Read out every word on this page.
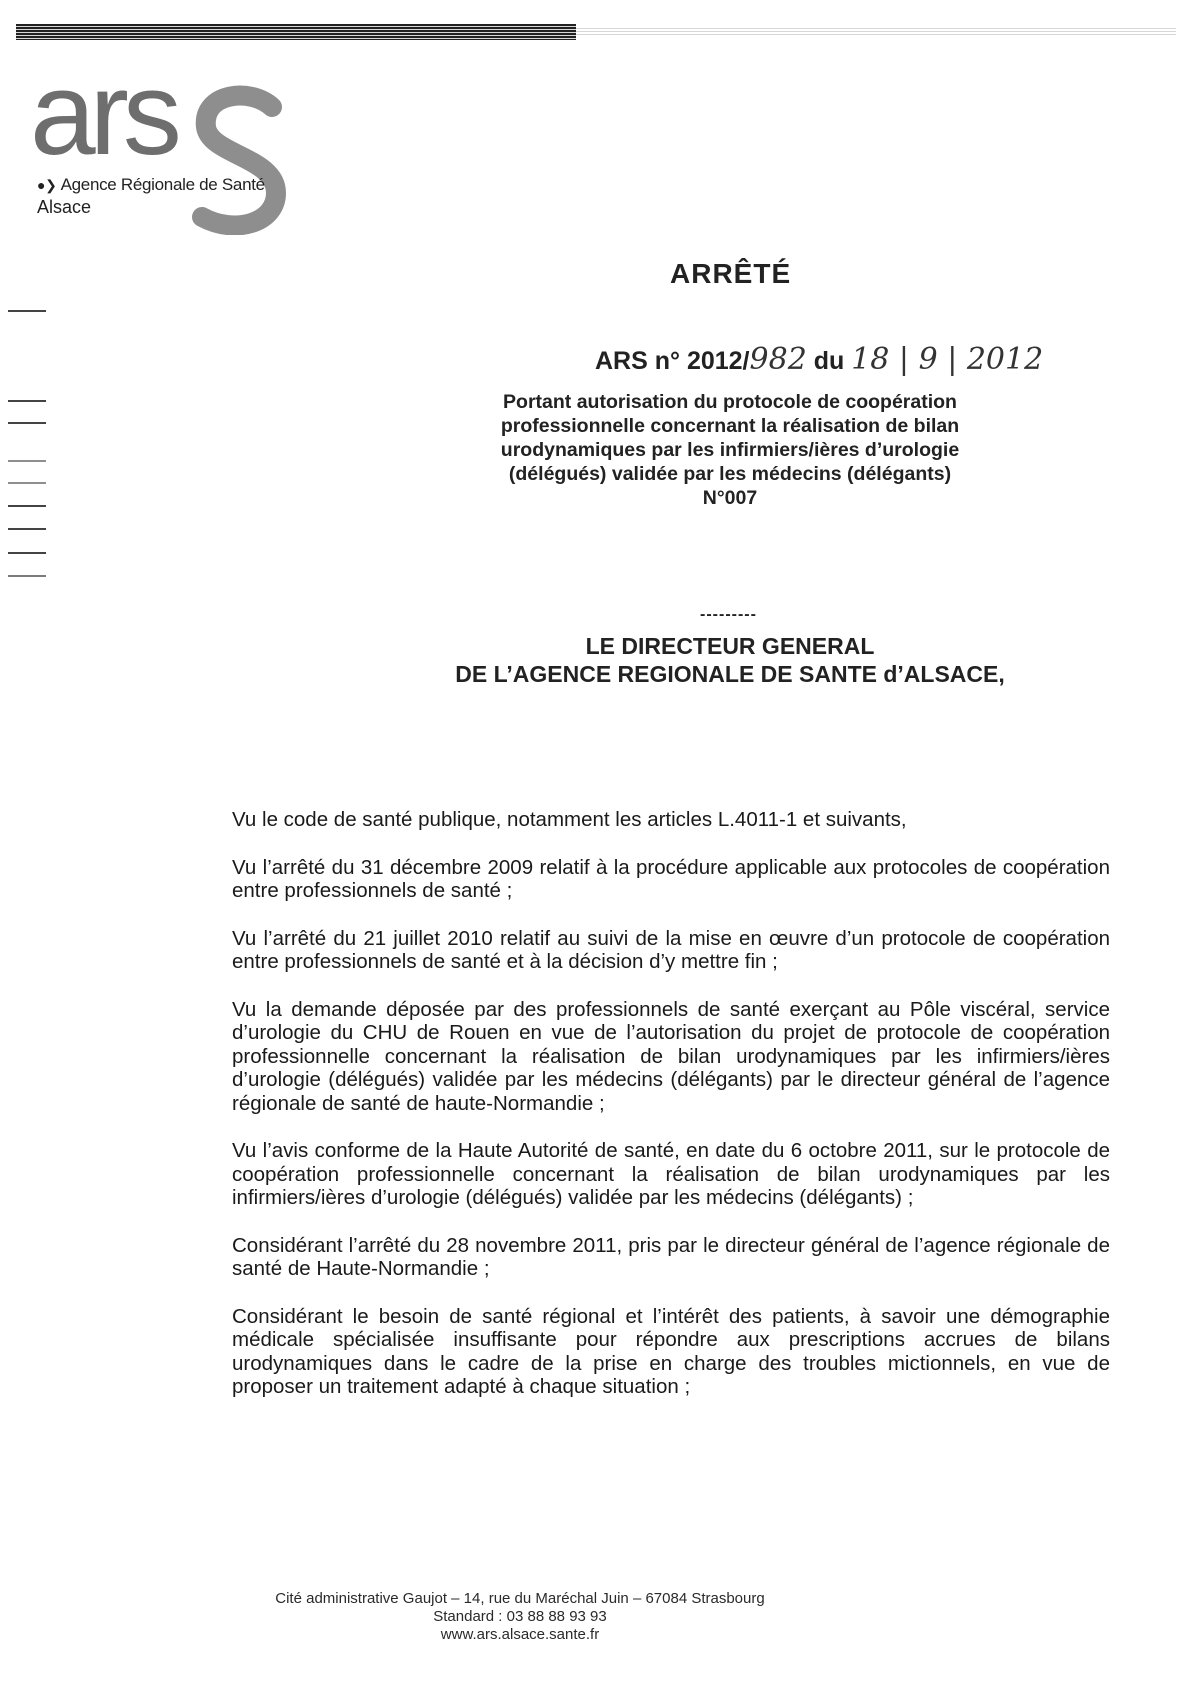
ars
●❯ Agence Régionale de Santé
Alsace
ARRÊTÉ
ARS n° 2012/982 du 18 | 9 | 2012
Portant autorisation du protocole de coopération
professionnelle concernant la réalisation de bilan
urodynamiques par les infirmiers/ières d’urologie
(délégués) validée par les médecins (délégants)
N°007
---------
LE DIRECTEUR GENERAL
DE L’AGENCE REGIONALE DE SANTE d’ALSACE,

Vu le code de santé publique, notamment les articles L.4011-1 et suivants,

Vu l’arrêté du 31 décembre 2009 relatif à la procédure applicable aux protocoles de coopération entre professionnels de santé ;

Vu l’arrêté du 21 juillet 2010 relatif au suivi de la mise en œuvre d’un protocole de coopération entre professionnels de santé et à la décision d’y mettre fin ;

Vu la demande déposée par des professionnels de santé exerçant au Pôle viscéral, service d’urologie du CHU de Rouen en vue de l’autorisation du projet de protocole de coopération professionnelle concernant la réalisation de bilan urodynamiques par les infirmiers/ières d’urologie (délégués) validée par les médecins (délégants) par le directeur général de l’agence régionale de santé de haute-Normandie ;

Vu l’avis conforme de la Haute Autorité de santé, en date du 6 octobre 2011, sur le protocole de coopération professionnelle concernant la réalisation de bilan urodynamiques par les infirmiers/ières d’urologie (délégués) validée par les médecins (délégants) ;

Considérant l’arrêté du 28 novembre 2011, pris par le directeur général de l’agence régionale de santé de Haute-Normandie ;

Considérant le besoin de santé régional et l’intérêt des patients, à savoir une démographie médicale spécialisée insuffisante pour répondre aux prescriptions accrues de bilans urodynamiques dans le cadre de la prise en charge des troubles mictionnels, en vue de proposer un traitement adapté à chaque situation ;

Cité administrative Gaujot – 14, rue du Maréchal Juin – 67084 Strasbourg
Standard : 03 88 88 93 93
www.ars.alsace.sante.fr
